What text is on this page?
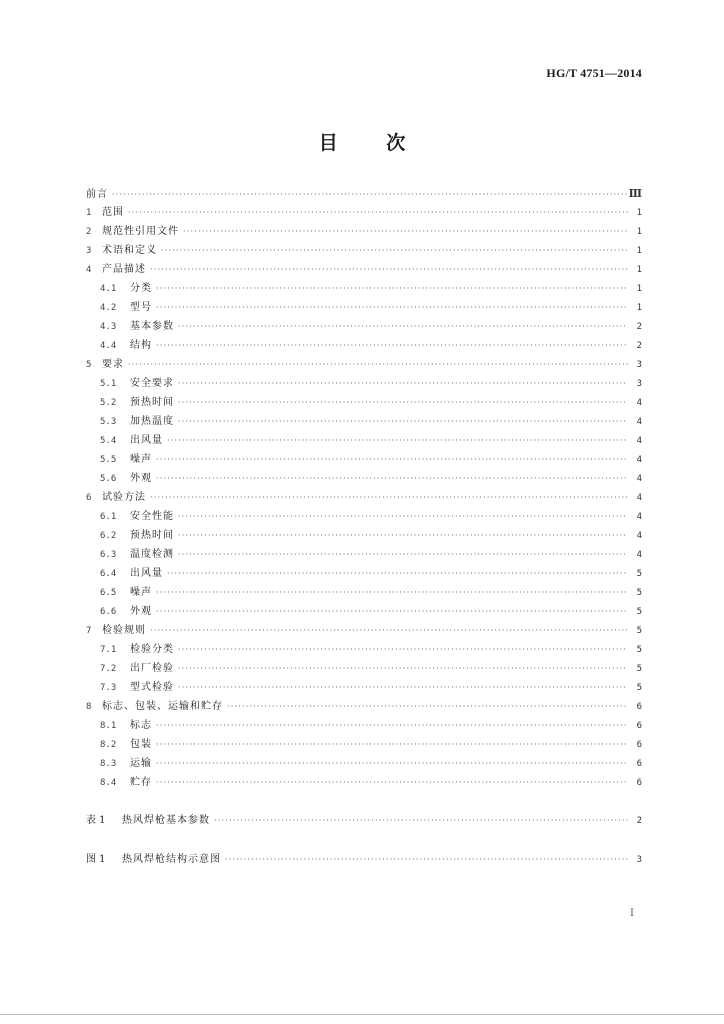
HG/T 4751—2014
目 次
前言 ·····	Ⅲ
1	范围 ·····	1
2	规范性引用文件 ·····	1
3	术语和定义 ·····	1
4	产品描述 ·····	1
4.1	分类 ·····	1
4.2	型号 ·····	1
4.3	基本参数 ·····	2
4.4	结构 ·····	2
5	要求 ·····	3
5.1	安全要求 ·····	3
5.2	预热时间 ·····	4
5.3	加热温度 ·····	4
5.4	出风量 ·····	4
5.5	噪声 ·····	4
5.6	外观 ·····	4
6	试验方法 ·····	4
6.1	安全性能 ·····	4
6.2	预热时间 ·····	4
6.3	温度检测 ·····	4
6.4	出风量 ·····	5
6.5	噪声 ·····	5
6.6	外观 ·····	5
7	检验规则 ·····	5
7.1	检验分类 ·····	5
7.2	出厂检验 ·····	5
7.3	型式检验 ·····	5
8	标志、包装、运输和贮存 ·····	6
8.1	标志 ·····	6
8.2	包装 ·····	6
8.3	运输 ·····	6
8.4	贮存 ·····	6
表 1	热风焊枪基本参数 ·····	2
图 1	热风焊枪结构示意图 ·····	3
I
